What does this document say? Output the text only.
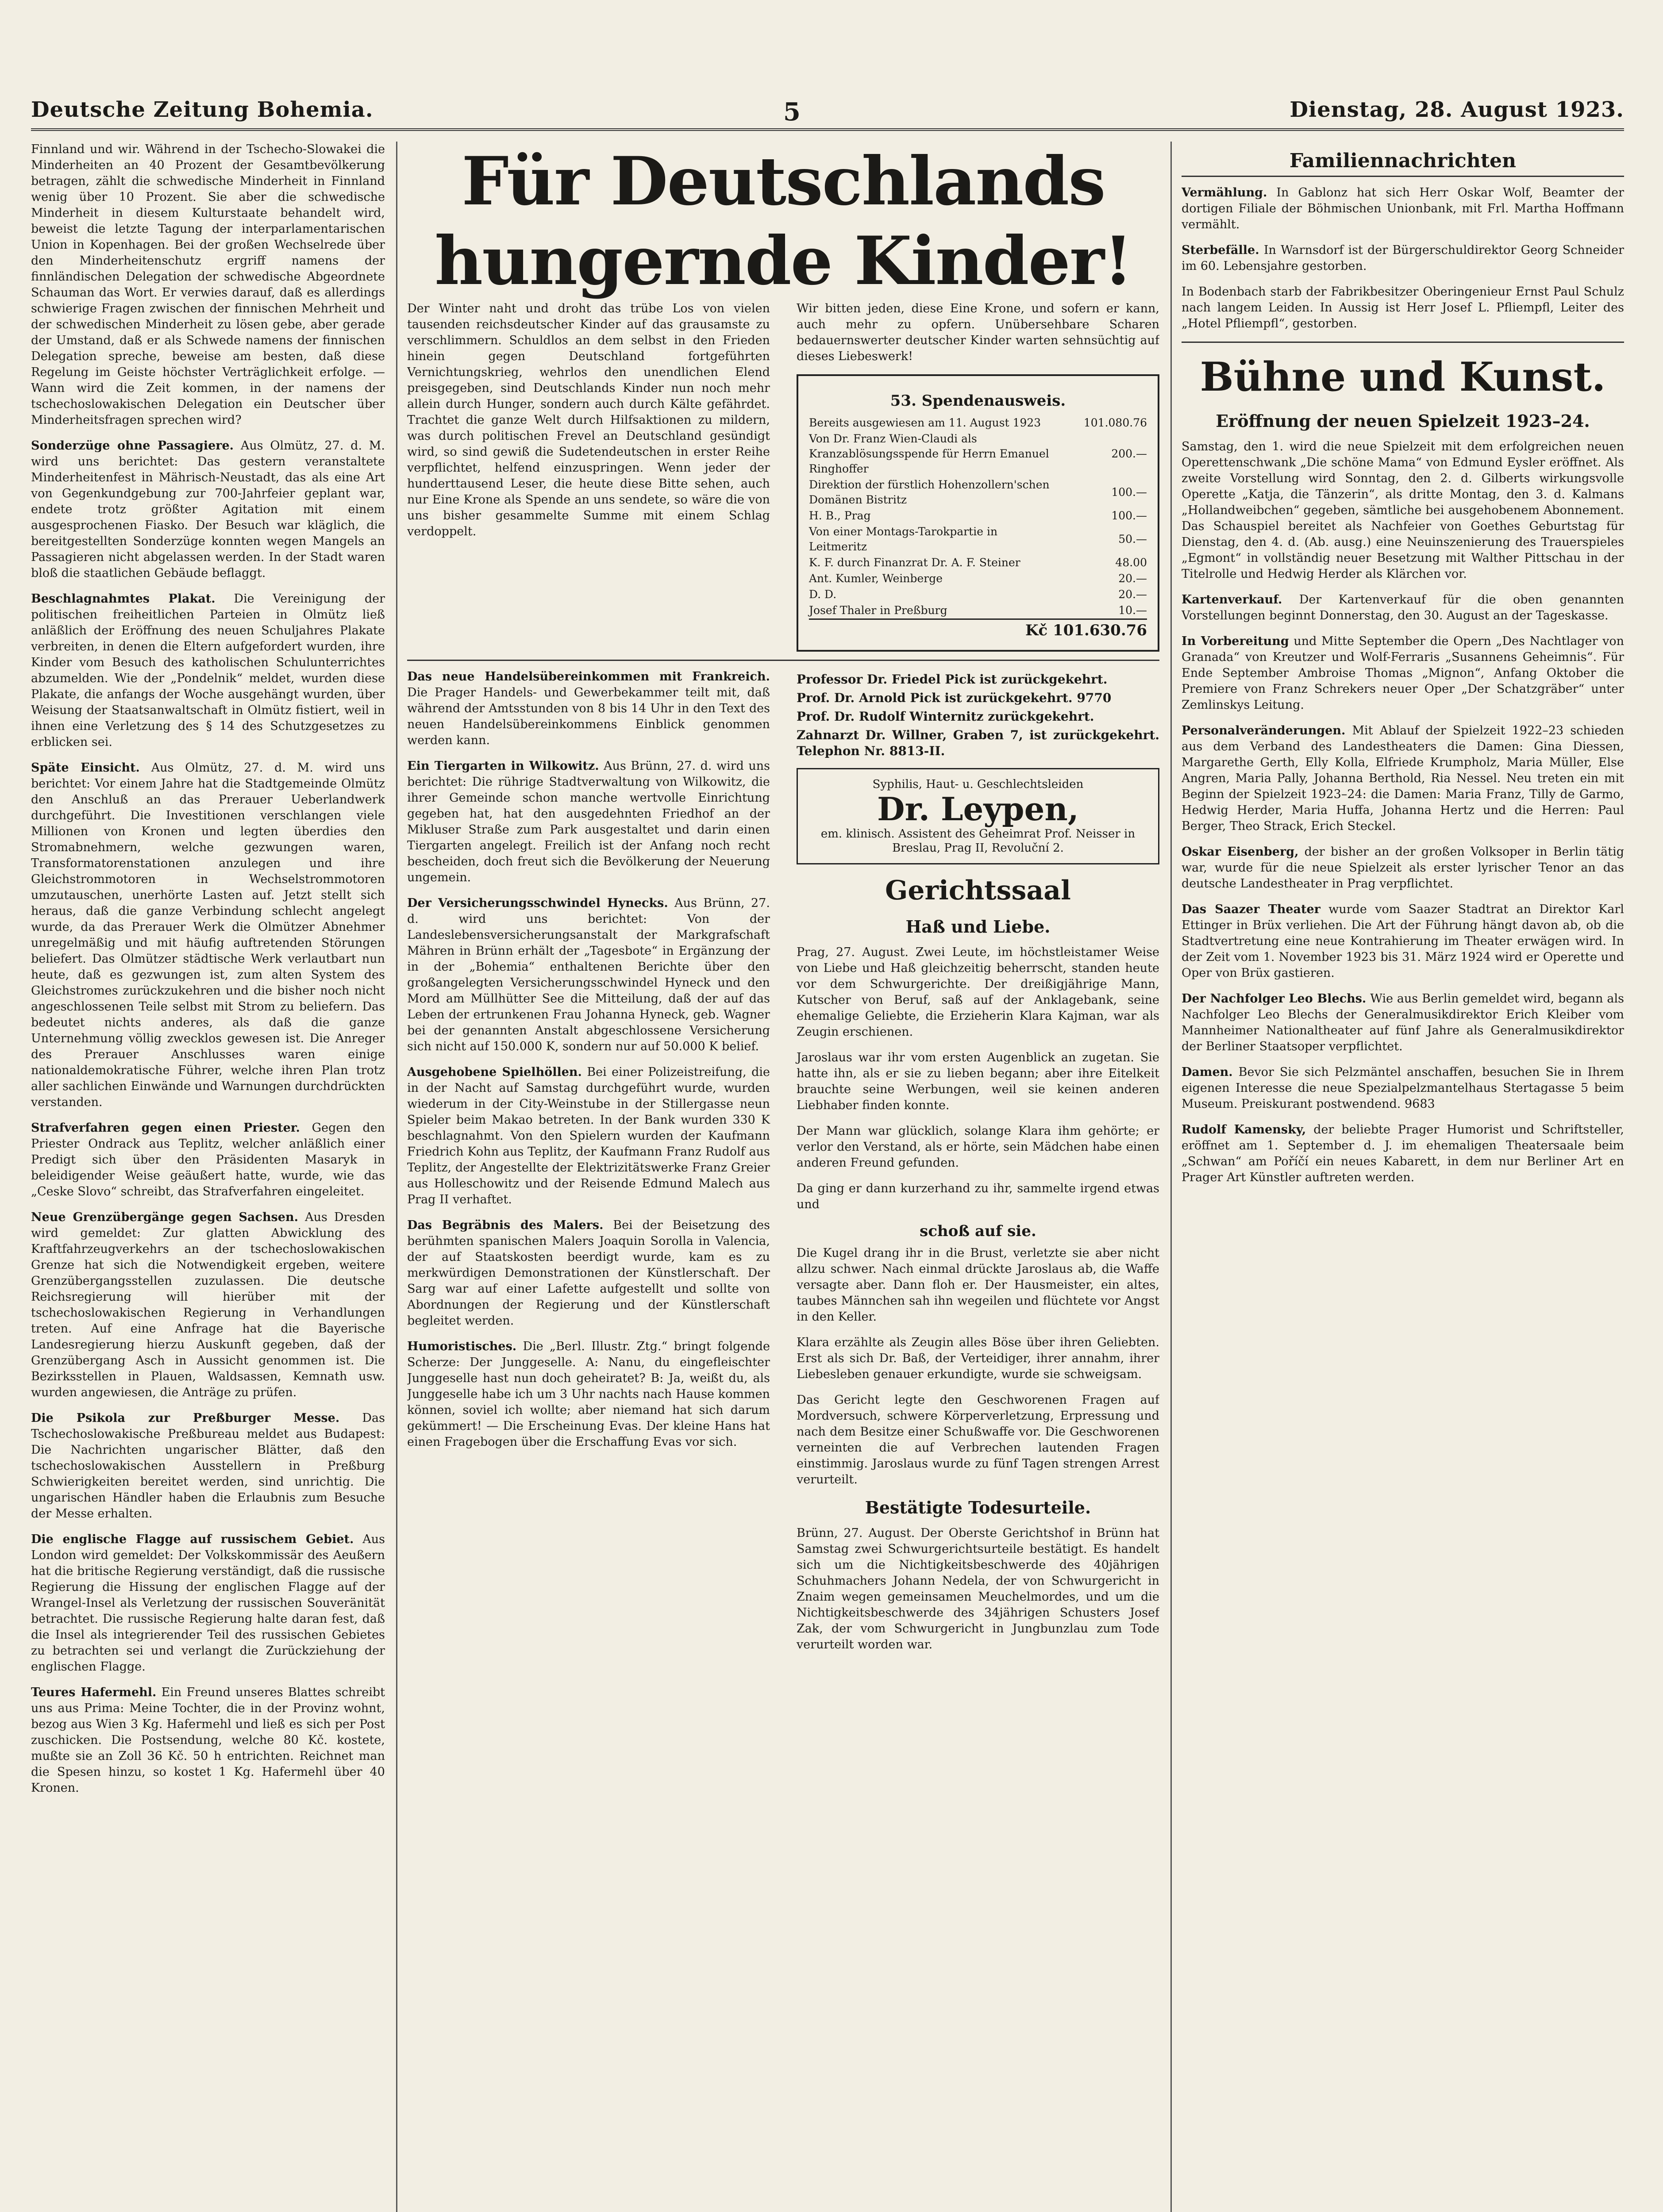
Deutsche Zeitung Bohemia.	5	Dienstag, 28. August 1923.

Finnland und wir. Während in der Tschecho-Slowakei die Minderheiten an 40 Prozent der Gesamtbevölkerung betragen, zählt die schwedische Minderheit in Finnland wenig über 10 Prozent. Sie aber die schwedische Minderheit in diesem Kulturstaate behandelt wird, beweist die letzte Tagung der interparlamentarischen Union in Kopenhagen. Bei der großen Wechselrede über den Minderheitenschutz ergriff namens der finnländischen Delegation der schwedische Abgeordnete Schauman das Wort. Er verwies darauf, daß es allerdings schwierige Fragen zwischen der finnischen Mehrheit und der schwedischen Minderheit zu lösen gebe, aber gerade der Umstand, daß er als Schwede namens der finnischen Delegation spreche, beweise am besten, daß diese Regelung im Geiste höchster Verträglichkeit erfolge. — Wann wird die Zeit kommen, in der namens der tschechoslowakischen Delegation ein Deutscher über Minderheitsfragen sprechen wird?

Sonderzüge ohne Passagiere. Aus Olmütz, 27. d. M. wird uns berichtet: Das gestern veranstaltete Minderheitenfest in Mährisch-Neustadt, das als eine Art von Gegenkundgebung zur 700-Jahrfeier geplant war, endete trotz größter Agitation mit einem ausgesprochenen Fiasko. Der Besuch war kläglich, die bereitgestellten Sonderzüge konnten wegen Mangels an Passagieren nicht abgelassen werden. In der Stadt waren bloß die staatlichen Gebäude beflaggt.

Beschlagnahmtes Plakat. Die Vereinigung der politischen freiheitlichen Parteien in Olmütz ließ anläßlich der Eröffnung des neuen Schuljahres Plakate verbreiten, in denen die Eltern aufgefordert wurden, ihre Kinder vom Besuch des katholischen Schulunterrichtes abzumelden. Wie der „Pondelnik“ meldet, wurden diese Plakate, die anfangs der Woche ausgehängt wurden, über Weisung der Staatsanwaltschaft in Olmütz fistiert, weil in ihnen eine Verletzung des § 14 des Schutzgesetzes zu erblicken sei.

Späte Einsicht. Aus Olmütz, 27. d. M. wird uns berichtet: Vor einem Jahre hat die Stadtgemeinde Olmütz den Anschluß an das Prerauer Ueberlandwerk durchgeführt. Die Investitionen verschlangen viele Millionen von Kronen und legten überdies den Stromabnehmern, welche gezwungen waren, Transformatorenstationen anzulegen und ihre Gleichstrommotoren in Wechselstrommotoren umzutauschen, unerhörte Lasten auf. Jetzt stellt sich heraus, daß die ganze Verbindung schlecht angelegt wurde, da das Prerauer Werk die Olmützer Abnehmer unregelmäßig und mit häufig auftretenden Störungen beliefert. Das Olmützer städtische Werk verlautbart nun heute, daß es gezwungen ist, zum alten System des Gleichstromes zurückzukehren und die bisher noch nicht angeschlossenen Teile selbst mit Strom zu beliefern. Das bedeutet nichts anderes, als daß die ganze Unternehmung völlig zwecklos gewesen ist. Die Anreger des Prerauer Anschlusses waren einige nationaldemokratische Führer, welche ihren Plan trotz aller sachlichen Einwände und Warnungen durchdrückten verstanden.

Strafverfahren gegen einen Priester. Gegen den Priester Ondrack aus Teplitz, welcher anläßlich einer Predigt sich über den Präsidenten Masaryk in beleidigender Weise geäußert hatte, wurde, wie das „Ceske Slovo“ schreibt, das Strafverfahren eingeleitet.

Neue Grenzübergänge gegen Sachsen. Aus Dresden wird gemeldet: Zur glatten Abwicklung des Kraftfahrzeugverkehrs an der tschechoslowakischen Grenze hat sich die Notwendigkeit ergeben, weitere Grenzübergangsstellen zuzulassen. Die deutsche Reichsregierung will hierüber mit der tschechoslowakischen Regierung in Verhandlungen treten. Auf eine Anfrage hat die Bayerische Landesregierung hierzu Auskunft gegeben, daß der Grenzübergang Asch in Aussicht genommen ist. Die Bezirksstellen in Plauen, Waldsassen, Kemnath usw. wurden angewiesen, die Anträge zu prüfen.

Die Psikola zur Preßburger Messe. Das Tschechoslowakische Preßbureau meldet aus Budapest: Die Nachrichten ungarischer Blätter, daß den tschechoslowakischen Ausstellern in Preßburg Schwierigkeiten bereitet werden, sind unrichtig. Die ungarischen Händler haben die Erlaubnis zum Besuche der Messe erhalten.

Die englische Flagge auf russischem Gebiet. Aus London wird gemeldet: Der Volkskommissär des Aeußern hat die britische Regierung verständigt, daß die russische Regierung die Hissung der englischen Flagge auf der Wrangel-Insel als Verletzung der russischen Souveränität betrachtet. Die russische Regierung halte daran fest, daß die Insel als integrierender Teil des russischen Gebietes zu betrachten sei und verlangt die Zurückziehung der englischen Flagge.

Teures Hafermehl. Ein Freund unseres Blattes schreibt uns aus Prima: Meine Tochter, die in der Provinz wohnt, bezog aus Wien 3 Kg. Hafermehl und ließ es sich per Post zuschicken. Die Postsendung, welche 80 Kč. kostete, mußte sie an Zoll 36 Kč. 50 h entrichten. Reichnet man die Spesen hinzu, so kostet 1 Kg. Hafermehl über 40 Kronen.

Für Deutschlands hungernde Kinder!

Der Winter naht und droht das trübe Los von vielen tausenden reichsdeutscher Kinder auf das grausamste zu verschlimmern. Schuldlos an dem selbst in den Frieden hinein gegen Deutschland fortgeführten Vernichtungskrieg, wehrlos den unendlichen Elend preisgegeben, sind Deutschlands Kinder nun noch mehr allein durch Hunger, sondern auch durch Kälte gefährdet. Trachtet die ganze Welt durch Hilfsaktionen zu mildern, was durch politischen Frevel an Deutschland gesündigt wird, so sind gewiß die Sudetendeutschen in erster Reihe verpflichtet, helfend einzuspringen. Wenn jeder der hunderttausend Leser, die heute diese Bitte sehen, auch nur Eine Krone als Spende an uns sendete, so wäre die von uns bisher gesammelte Summe mit einem Schlag verdoppelt.

Wir bitten jeden, diese Eine Krone, und sofern er kann, auch mehr zu opfern. Unübersehbare Scharen bedauernswerter deutscher Kinder warten sehnsüchtig auf dieses Liebeswerk!

53. Spendenausweis.
Bereits ausgewiesen am 11. August 1923	101.080.76
Von Dr. Franz Wien-Claudi als Kranzablösungsspende für Herrn Emanuel Ringhoffer	200.—
Direktion der fürstlich Hohenzollern'schen Domänen Bistritz	100.—
H. B., Prag	100.—
Von einer Montags-Tarokpartie in Leitmeritz	50.—
K. F. durch Finanzrat Dr. A. F. Steiner	48.00
Ant. Kumler, Weinberge	20.—
D. D.	20.—
Josef Thaler in Preßburg	10.—
Kč 101.630.76

Das neue Handelsübereinkommen mit Frankreich. Die Prager Handels- und Gewerbekammer teilt mit, daß während der Amtsstunden von 8 bis 14 Uhr in den Text des neuen Handelsübereinkommens Einblick genommen werden kann.

Ein Tiergarten in Wilkowitz. Aus Brünn, 27. d. wird uns berichtet: Die rührige Stadtverwaltung von Wilkowitz, die ihrer Gemeinde schon manche wertvolle Einrichtung gegeben hat, hat den ausgedehnten Friedhof an der Mikluser Straße zum Park ausgestaltet und darin einen Tiergarten angelegt. Freilich ist der Anfang noch recht bescheiden, doch freut sich die Bevölkerung der Neuerung ungemein.

Der Versicherungsschwindel Hynecks. Aus Brünn, 27. d. wird uns berichtet: Von der Landeslebensversicherungsanstalt der Markgrafschaft Mähren in Brünn erhält der „Tagesbote“ in Ergänzung der in der „Bohemia“ enthaltenen Berichte über den großangelegten Versicherungsschwindel Hyneck und den Mord am Müllhütter See die Mitteilung, daß der auf das Leben der ertrunkenen Frau Johanna Hyneck, geb. Wagner bei der genannten Anstalt abgeschlossene Versicherung sich nicht auf 150.000 K, sondern nur auf 50.000 K belief.

Ausgehobene Spielhöllen. Bei einer Polizeistreifung, die in der Nacht auf Samstag durchgeführt wurde, wurden wiederum in der City-Weinstube in der Stillergasse neun Spieler beim Makao betreten. In der Bank wurden 330 K beschlagnahmt. Von den Spielern wurden der Kaufmann Friedrich Kohn aus Teplitz, der Kaufmann Franz Rudolf aus Teplitz, der Angestellte der Elektrizitätswerke Franz Greier aus Holleschowitz und der Reisende Edmund Malech aus Prag II verhaftet.

Das Begräbnis des Malers. Bei der Beisetzung des berühmten spanischen Malers Joaquin Sorolla in Valencia, der auf Staatskosten beerdigt wurde, kam es zu merkwürdigen Demonstrationen der Künstlerschaft. Der Sarg war auf einer Lafette aufgestellt und sollte von Abordnungen der Regierung und der Künstlerschaft begleitet werden.

Humoristisches. Die „Berl. Illustr. Ztg.“ bringt folgende Scherze: Der Junggeselle. A: Nanu, du eingefleischter Junggeselle hast nun doch geheiratet? B: Ja, weißt du, als Junggeselle habe ich um 3 Uhr nachts nach Hause kommen können, soviel ich wollte; aber niemand hat sich darum gekümmert! — Die Erscheinung Evas. Der kleine Hans hat einen Fragebogen über die Erschaffung Evas vor sich.

Professor Dr. Friedel Pick ist zurückgekehrt.

Prof. Dr. Arnold Pick ist zurückgekehrt. 9770

Prof. Dr. Rudolf Winternitz zurückgekehrt.

Zahnarzt Dr. Willner, Graben 7, ist zurückgekehrt. Telephon Nr. 8813-II.

Syphilis, Haut- u. Geschlechtsleiden
Dr. Leypen,
em. klinisch. Assistent des Geheimrat Prof. Neisser in Breslau, Prag II, Revoluční 2.
Gerichtssaal
Haß und Liebe.

Prag, 27. August. Zwei Leute, im höchstleistamer Weise von Liebe und Haß gleichzeitig beherrscht, standen heute vor dem Schwurgerichte. Der dreißigjährige Mann, Kutscher von Beruf, saß auf der Anklagebank, seine ehemalige Geliebte, die Erzieherin Klara Kajman, war als Zeugin erschienen.

Jaroslaus war ihr vom ersten Augenblick an zugetan. Sie hatte ihn, als er sie zu lieben begann; aber ihre Eitelkeit brauchte seine Werbungen, weil sie keinen anderen Liebhaber finden konnte.

Der Mann war glücklich, solange Klara ihm gehörte; er verlor den Verstand, als er hörte, sein Mädchen habe einen anderen Freund gefunden.

Da ging er dann kurzerhand zu ihr, sammelte irgend etwas und

schoß auf sie.

Die Kugel drang ihr in die Brust, verletzte sie aber nicht allzu schwer. Nach einmal drückte Jaroslaus ab, die Waffe versagte aber. Dann floh er. Der Hausmeister, ein altes, taubes Männchen sah ihn wegeilen und flüchtete vor Angst in den Keller.

Klara erzählte als Zeugin alles Böse über ihren Geliebten. Erst als sich Dr. Baß, der Verteidiger, ihrer annahm, ihrer Liebesleben genauer erkundigte, wurde sie schweigsam.

Das Gericht legte den Geschworenen Fragen auf Mordversuch, schwere Körperverletzung, Erpressung und nach dem Besitze einer Schußwaffe vor. Die Geschworenen verneinten die auf Verbrechen lautenden Fragen einstimmig. Jaroslaus wurde zu fünf Tagen strengen Arrest verurteilt.

Bestätigte Todesurteile.

Brünn, 27. August. Der Oberste Gerichtshof in Brünn hat Samstag zwei Schwurgerichtsurteile bestätigt. Es handelt sich um die Nichtigkeitsbeschwerde des 40jährigen Schuhmachers Johann Nedela, der von Schwurgericht in Znaim wegen gemeinsamen Meuchelmordes, und um die Nichtigkeitsbeschwerde des 34jährigen Schusters Josef Zak, der vom Schwurgericht in Jungbunzlau zum Tode verurteilt worden war.

Familiennachrichten

Vermählung. In Gablonz hat sich Herr Oskar Wolf, Beamter der dortigen Filiale der Böhmischen Unionbank, mit Frl. Martha Hoffmann vermählt.

Sterbefälle. In Warnsdorf ist der Bürgerschuldirektor Georg Schneider im 60. Lebensjahre gestorben.

In Bodenbach starb der Fabrikbesitzer Oberingenieur Ernst Paul Schulz nach langem Leiden. In Aussig ist Herr Josef L. Pfliempfl, Leiter des „Hotel Pfliempfl“, gestorben.

Bühne und Kunst.
Eröffnung der neuen Spielzeit 1923–24.

Samstag, den 1. wird die neue Spielzeit mit dem erfolgreichen neuen Operettenschwank „Die schöne Mama“ von Edmund Eysler eröffnet. Als zweite Vorstellung wird Sonntag, den 2. d. Gilberts wirkungsvolle Operette „Katja, die Tänzerin“, als dritte Montag, den 3. d. Kalmans „Hollandweibchen“ gegeben, sämtliche bei ausgehobenem Abonnement. Das Schauspiel bereitet als Nachfeier von Goethes Geburtstag für Dienstag, den 4. d. (Ab. ausg.) eine Neuinszenierung des Trauerspieles „Egmont“ in vollständig neuer Besetzung mit Walther Pittschau in der Titelrolle und Hedwig Herder als Klärchen vor.

Kartenverkauf. Der Kartenverkauf für die oben genannten Vorstellungen beginnt Donnerstag, den 30. August an der Tageskasse.

In Vorbereitung und Mitte September die Opern „Des Nachtlager von Granada“ von Kreutzer und Wolf-Ferraris „Susannens Geheimnis“. Für Ende September Ambroise Thomas „Mignon“, Anfang Oktober die Premiere von Franz Schrekers neuer Oper „Der Schatzgräber“ unter Zemlinskys Leitung.

Personalveränderungen. Mit Ablauf der Spielzeit 1922–23 schieden aus dem Verband des Landestheaters die Damen: Gina Diessen, Margarethe Gerth, Elly Kolla, Elfriede Krumpholz, Maria Müller, Else Angren, Maria Pally, Johanna Berthold, Ria Nessel. Neu treten ein mit Beginn der Spielzeit 1923–24: die Damen: Maria Franz, Tilly de Garmo, Hedwig Herder, Maria Huffa, Johanna Hertz und die Herren: Paul Berger, Theo Strack, Erich Steckel.

Oskar Eisenberg, der bisher an der großen Volksoper in Berlin tätig war, wurde für die neue Spielzeit als erster lyrischer Tenor an das deutsche Landestheater in Prag verpflichtet.

Das Saazer Theater wurde vom Saazer Stadtrat an Direktor Karl Ettinger in Brüx verliehen. Die Art der Führung hängt davon ab, ob die Stadtvertretung eine neue Kontrahierung im Theater erwägen wird. In der Zeit vom 1. November 1923 bis 31. März 1924 wird er Operette und Oper von Brüx gastieren.

Der Nachfolger Leo Blechs. Wie aus Berlin gemeldet wird, begann als Nachfolger Leo Blechs der Generalmusikdirektor Erich Kleiber vom Mannheimer Nationaltheater auf fünf Jahre als Generalmusikdirektor der Berliner Staatsoper verpflichtet.

Damen. Bevor Sie sich Pelzmäntel anschaffen, besuchen Sie in Ihrem eigenen Interesse die neue Spezialpelzmantelhaus Stertagasse 5 beim Museum. Preiskurant postwendend. 9683

Rudolf Kamensky, der beliebte Prager Humorist und Schriftsteller, eröffnet am 1. September d. J. im ehemaligen Theatersaale beim „Schwan“ am Poříčí ein neues Kabarett, in dem nur Berliner Art en Prager Art Künstler auftreten werden.
